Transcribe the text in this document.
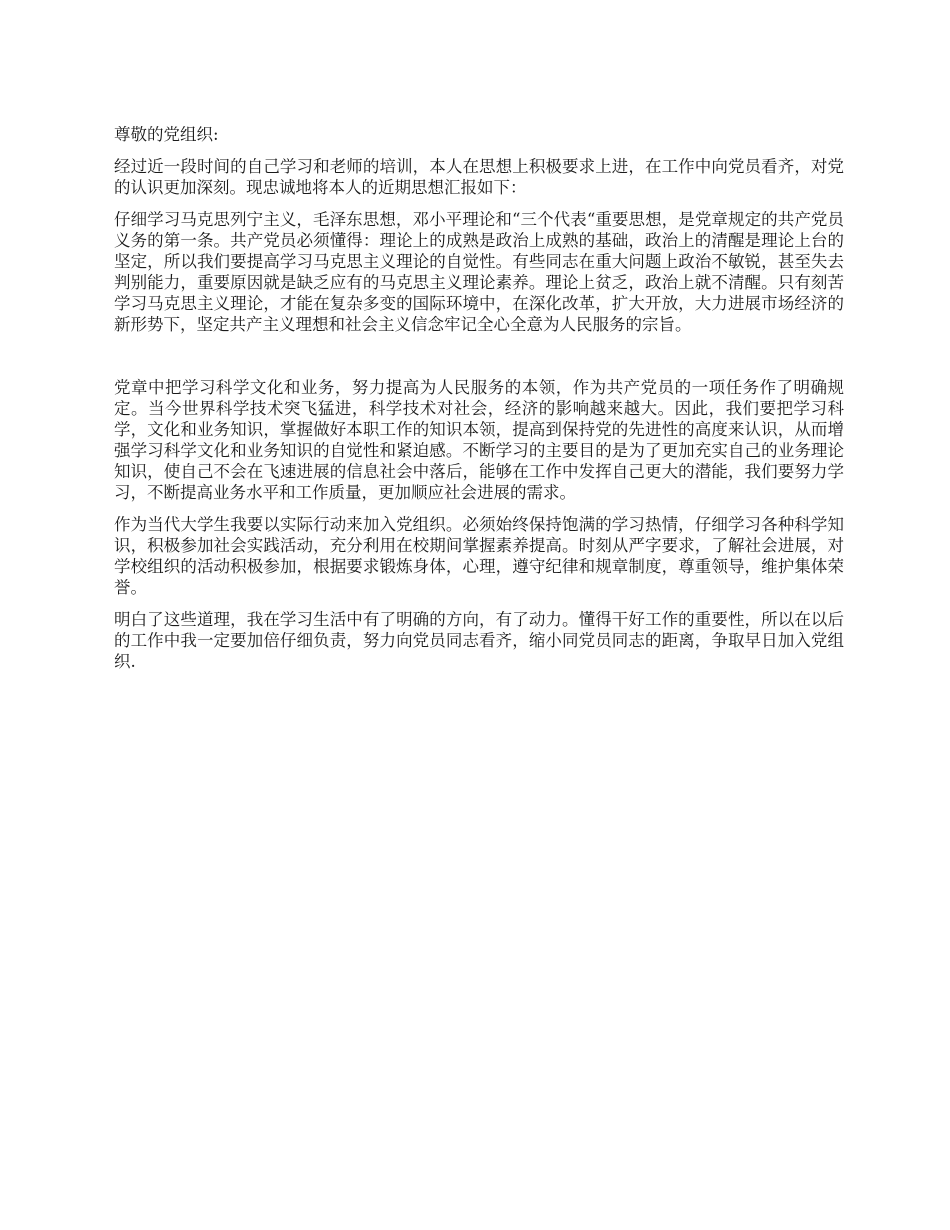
尊敬的党组织:

经过近一段时间的自己学习和老师的培训，本人在思想上积极要求上进，在工作中向党员看齐，对党的认识更加深刻。现忠诚地将本人的近期思想汇报如下：

仔细学习马克思列宁主义，毛泽东思想，邓小平理论和“三个代表“重要思想，是党章规定的共产党员义务的第一条。共产党员必须懂得：理论上的成熟是政治上成熟的基础，政治上的清醒是理论上台的坚定，所以我们要提高学习马克思主义理论的自觉性。有些同志在重大问题上政治不敏锐，甚至失去判别能力，重要原因就是缺乏应有的马克思主义理论素养。理论上贫乏，政治上就不清醒。只有刻苦学习马克思主义理论，才能在复杂多变的国际环境中，在深化改革，扩大开放，大力进展市场经济的新形势下，坚定共产主义理想和社会主义信念牢记全心全意为人民服务的宗旨。

党章中把学习科学文化和业务，努力提高为人民服务的本领，作为共产党员的一项任务作了明确规定。当今世界科学技术突飞猛进，科学技术对社会，经济的影响越来越大。因此，我们要把学习科学，文化和业务知识，掌握做好本职工作的知识本领，提高到保持党的先进性的高度来认识，从而增强学习科学文化和业务知识的自觉性和紧迫感。不断学习的主要目的是为了更加充实自己的业务理论知识，使自己不会在飞速进展的信息社会中落后，能够在工作中发挥自己更大的潜能，我们要努力学习，不断提高业务水平和工作质量，更加顺应社会进展的需求。

作为当代大学生我要以实际行动来加入党组织。必须始终保持饱满的学习热情，仔细学习各种科学知识，积极参加社会实践活动，充分利用在校期间掌握素养提高。时刻从严字要求，了解社会进展，对学校组织的活动积极参加，根据要求锻炼身体，心理，遵守纪律和规章制度，尊重领导，维护集体荣誉。

明白了这些道理，我在学习生活中有了明确的方向，有了动力。懂得干好工作的重要性，所以在以后的工作中我一定要加倍仔细负责，努力向党员同志看齐，缩小同党员同志的距离，争取早日加入党组织.
